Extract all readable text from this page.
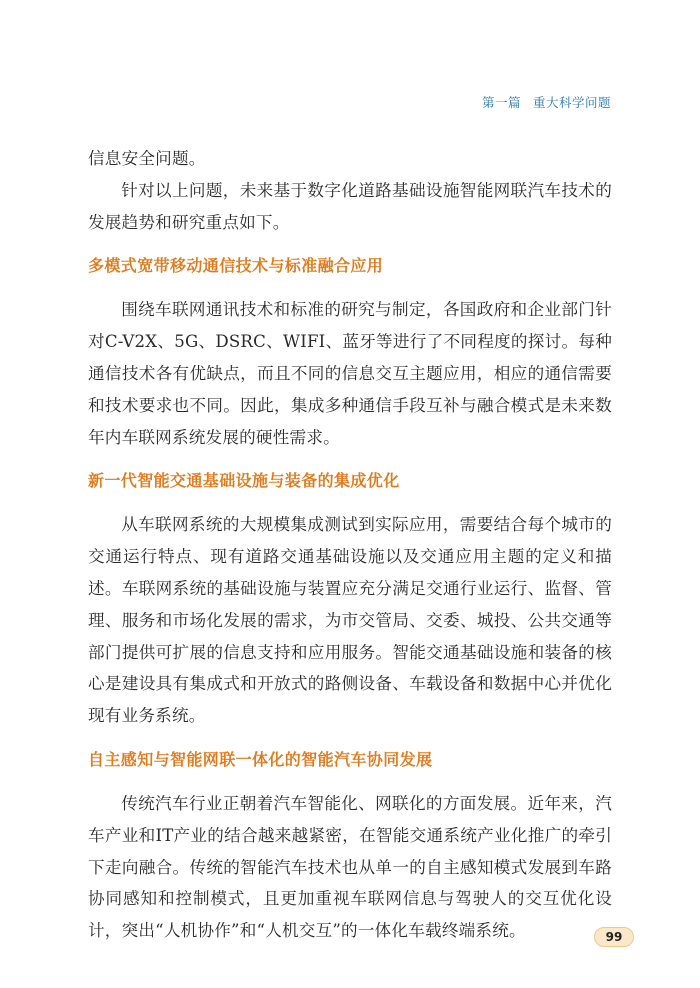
第一篇 重大科学问题

信息安全问题。

针对以上问题，未来基于数字化道路基础设施智能网联汽车技术的发展趋势和研究重点如下。

多模式宽带移动通信技术与标准融合应用

围绕车联网通讯技术和标准的研究与制定，各国政府和企业部门针对C-V2X、5G、DSRC、WIFI、蓝牙等进行了不同程度的探讨。每种通信技术各有优缺点，而且不同的信息交互主题应用，相应的通信需要和技术要求也不同。因此，集成多种通信手段互补与融合模式是未来数年内车联网系统发展的硬性需求。

新一代智能交通基础设施与装备的集成优化

从车联网系统的大规模集成测试到实际应用，需要结合每个城市的交通运行特点、现有道路交通基础设施以及交通应用主题的定义和描述。车联网系统的基础设施与装置应充分满足交通行业运行、监督、管理、服务和市场化发展的需求，为市交管局、交委、城投、公共交通等部门提供可扩展的信息支持和应用服务。智能交通基础设施和装备的核心是建设具有集成式和开放式的路侧设备、车载设备和数据中心并优化现有业务系统。

自主感知与智能网联一体化的智能汽车协同发展

传统汽车行业正朝着汽车智能化、网联化的方面发展。近年来，汽车产业和IT产业的结合越来越紧密，在智能交通系统产业化推广的牵引下走向融合。传统的智能汽车技术也从单一的自主感知模式发展到车路协同感知和控制模式，且更加重视车联网信息与驾驶人的交互优化设计，突出“人机协作”和“人机交互”的一体化车载终端系统。	99
